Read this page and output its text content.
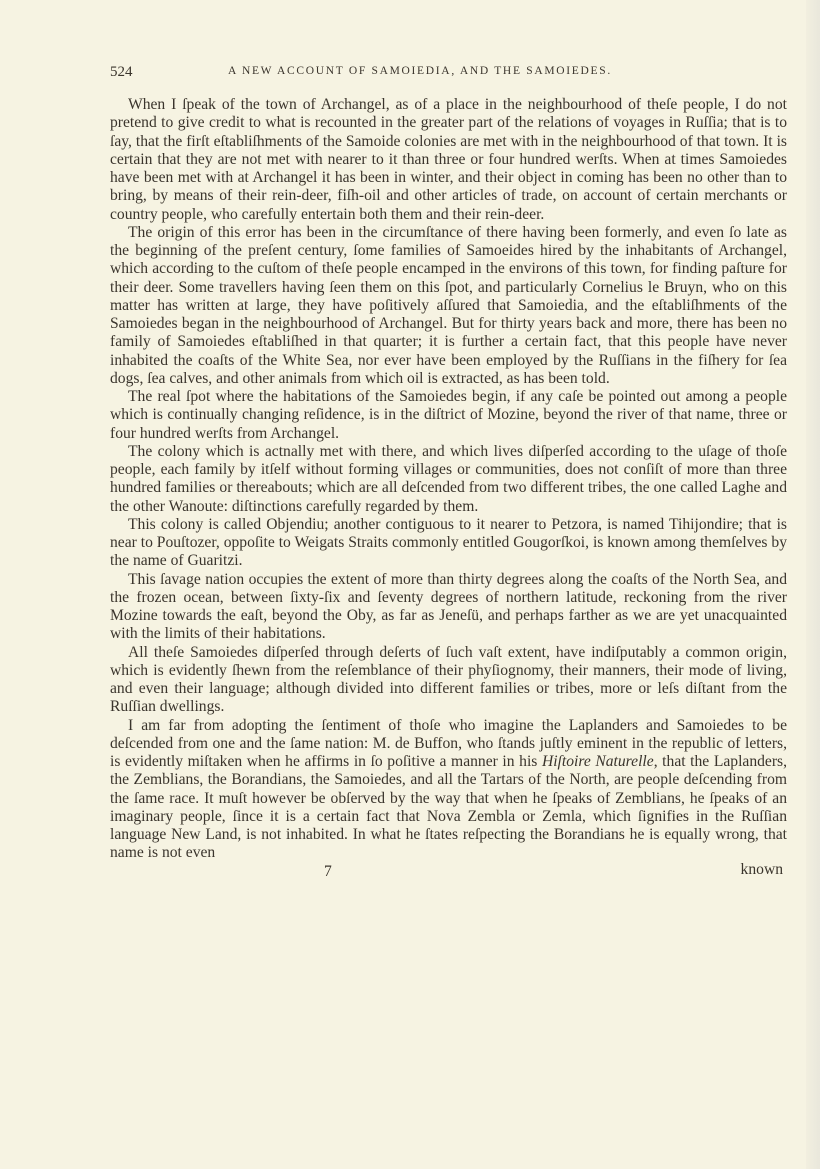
524	A NEW ACCOUNT OF SAMOIEDIA, AND THE SAMOIEDES.

When I ſpeak of the town of Archangel, as of a place in the neighbourhood of theſe people, I do not pretend to give credit to what is recounted in the greater part of the relations of voyages in Ruſſia; that is to ſay, that the firſt eſtabliſhments of the Samoide colonies are met with in the neighbourhood of that town. It is certain that they are not met with nearer to it than three or four hundred werſts. When at times Samoiedes have been met with at Archangel it has been in winter, and their object in coming has been no other than to bring, by means of their rein-deer, fiſh-oil and other articles of trade, on account of certain merchants or country people, who carefully entertain both them and their rein-deer.

The origin of this error has been in the circumſtance of there having been formerly, and even ſo late as the beginning of the preſent century, ſome families of Samoeides hired by the inhabitants of Archangel, which according to the cuſtom of theſe people encamped in the environs of this town, for finding paſture for their deer. Some travellers having ſeen them on this ſpot, and particularly Cornelius le Bruyn, who on this matter has written at large, they have poſitively aſſured that Samoiedia, and the eſtabliſhments of the Samoiedes began in the neighbourhood of Archangel. But for thirty years back and more, there has been no family of Samoiedes eſtabliſhed in that quarter; it is further a certain fact, that this people have never inhabited the coaſts of the White Sea, nor ever have been employed by the Ruſſians in the fiſhery for ſea dogs, ſea calves, and other animals from which oil is extracted, as has been told.

The real ſpot where the habitations of the Samoiedes begin, if any caſe be pointed out among a people which is continually changing reſidence, is in the diſtrict of Mozine, beyond the river of that name, three or four hundred werſts from Archangel.

The colony which is actnally met with there, and which lives diſperſed according to the uſage of thoſe people, each family by itſelf without forming villages or communities, does not conſiſt of more than three hundred families or thereabouts; which are all deſcended from two different tribes, the one called Laghe and the other Wanoute: diſtinctions carefully regarded by them.

This colony is called Objendiu; another contiguous to it nearer to Petzora, is named Tihijondire; that is near to Pouſtozer, oppoſite to Weigats Straits commonly entitled Gougorſkoi, is known among themſelves by the name of Guaritzi.

This ſavage nation occupies the extent of more than thirty degrees along the coaſts of the North Sea, and the frozen ocean, between ſixty-ſix and ſeventy degrees of northern latitude, reckoning from the river Mozine towards the eaſt, beyond the Oby, as far as Jeneſü, and perhaps farther as we are yet unacquainted with the limits of their habitations.

All theſe Samoiedes diſperſed through deſerts of ſuch vaſt extent, have indiſputably a common origin, which is evidently ſhewn from the reſemblance of their phyſiognomy, their manners, their mode of living, and even their language; although divided into different families or tribes, more or leſs diſtant from the Ruſſian dwellings.

I am far from adopting the ſentiment of thoſe who imagine the Laplanders and Samoiedes to be deſcended from one and the ſame nation: M. de Buffon, who ſtands juſtly eminent in the republic of letters, is evidently miſtaken when he affirms in ſo poſitive a manner in his Hiſtoire Naturelle, that the Laplanders, the Zemblians, the Borandians, the Samoiedes, and all the Tartars of the North, are people deſcending from the ſame race. It muſt however be obſerved by the way that when he ſpeaks of Zemblians, he ſpeaks of an imaginary people, ſince it is a certain fact that Nova Zembla or Zemla, which ſignifies in the Ruſſian language New Land, is not inhabited. In what he ſtates reſpecting the Borandians he is equally wrong, that name is not even

7	known
